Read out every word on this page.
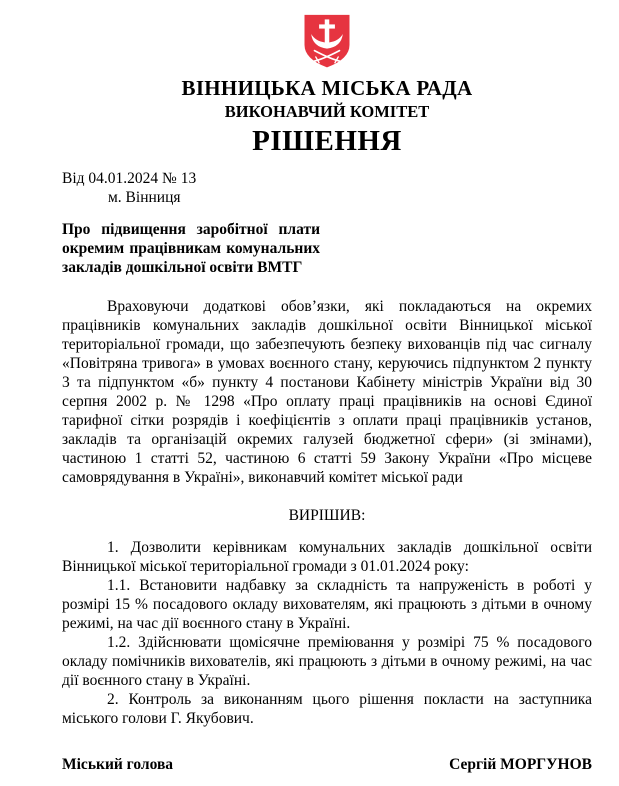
ВІННИЦЬКА МІСЬКА РАДА
ВИКОНАВЧИЙ КОМІТЕТ
РІШЕННЯ
Від 04.01.2024 № 13
м. Вінниця
Про підвищення заробітної плати окремим працівникам комунальних закладів дошкільної освіти ВМТГ

Враховуючи додаткові обов’язки, які покладаються на окремих працівників комунальних закладів дошкільної освіти Вінницької міської територіальної громади, що забезпечують безпеку вихованців під час сигналу «Повітряна тривога» в умовах воєнного стану, керуючись підпунктом 2 пункту 3 та підпунктом «б» пункту 4 постанови Кабінету міністрів України від 30 серпня 2002 р. № 1298 «Про оплату праці працівників на основі Єдиної тарифної сітки розрядів і коефіцієнтів з оплати праці працівників установ, закладів та організацій окремих галузей бюджетної сфери» (зі змінами), частиною 1 статті 52, частиною 6 статті 59 Закону України «Про місцеве самоврядування в Україні», виконавчий комітет міської ради

ВИРІШИВ:

1. Дозволити керівникам комунальних закладів дошкільної освіти Вінницької міської територіальної громади з 01.01.2024 року:

1.1. Встановити надбавку за складність та напруженість в роботі у розмірі 15 % посадового окладу вихователям, які працюють з дітьми в очному режимі, на час дії воєнного стану в Україні.

1.2. Здійснювати щомісячне преміювання у розмірі 75 % посадового окладу помічників вихователів, які працюють з дітьми в очному режимі, на час дії воєнного стану в Україні.

2. Контроль за виконанням цього рішення покласти на заступника міського голови Г. Якубович.

Міський голова	Сергій МОРГУНОВ
